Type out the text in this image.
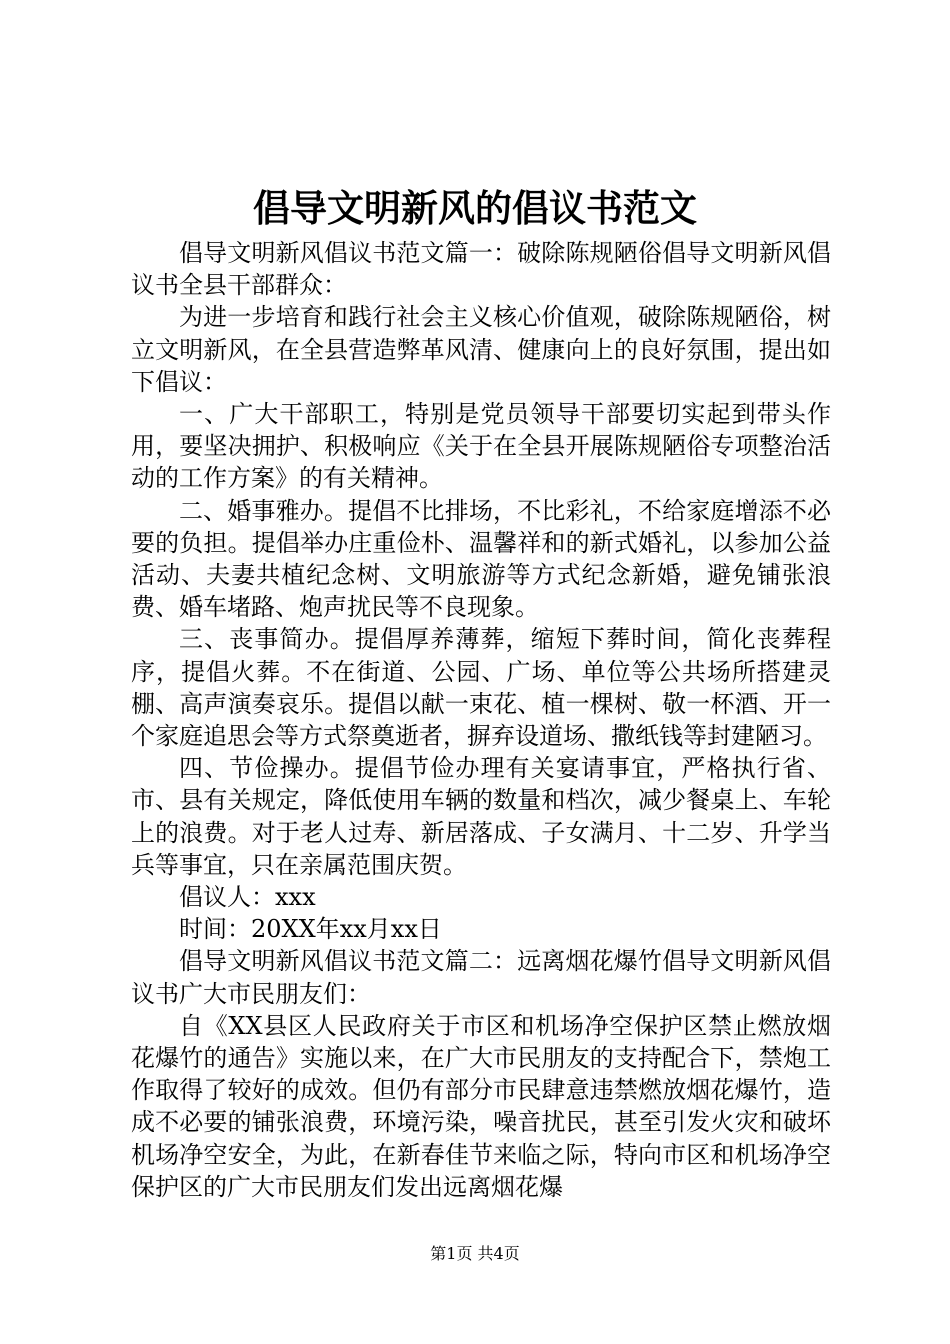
倡导文明新风的倡议书范文

倡导文明新风倡议书范文篇一：破除陈规陋俗倡导文明新风倡议书全县干部群众：

为进一步培育和践行社会主义核心价值观，破除陈规陋俗，树立文明新风，在全县营造弊革风清、健康向上的良好氛围，提出如下倡议：

一、广大干部职工，特别是党员领导干部要切实起到带头作用，要坚决拥护、积极响应《关于在全县开展陈规陋俗专项整治活动的工作方案》的有关精神。

二、婚事雅办。提倡不比排场，不比彩礼，不给家庭增添不必要的负担。提倡举办庄重俭朴、温馨祥和的新式婚礼，以参加公益活动、夫妻共植纪念树、文明旅游等方式纪念新婚，避免铺张浪费、婚车堵路、炮声扰民等不良现象。

三、丧事简办。提倡厚养薄葬，缩短下葬时间，简化丧葬程序，提倡火葬。不在街道、公园、广场、单位等公共场所搭建灵棚、高声演奏哀乐。提倡以献一束花、植一棵树、敬一杯酒、开一个家庭追思会等方式祭奠逝者，摒弃设道场、撒纸钱等封建陋习。

四、节俭操办。提倡节俭办理有关宴请事宜，严格执行省、市、县有关规定，降低使用车辆的数量和档次，减少餐桌上、车轮上的浪费。对于老人过寿、新居落成、子女满月、十二岁、升学当兵等事宜，只在亲属范围庆贺。

倡议人：xxx

时间：20XX年xx月xx日

倡导文明新风倡议书范文篇二：远离烟花爆竹倡导文明新风倡议书广大市民朋友们：

自《XX县区人民政府关于市区和机场净空保护区禁止燃放烟花爆竹的通告》实施以来，在广大市民朋友的支持配合下，禁炮工作取得了较好的成效。但仍有部分市民肆意违禁燃放烟花爆竹，造成不必要的铺张浪费，环境污染，噪音扰民，甚至引发火灾和破坏机场净空安全，为此，在新春佳节来临之际，特向市区和机场净空保护区的广大市民朋友们发出远离烟花爆

第1页 共4页
